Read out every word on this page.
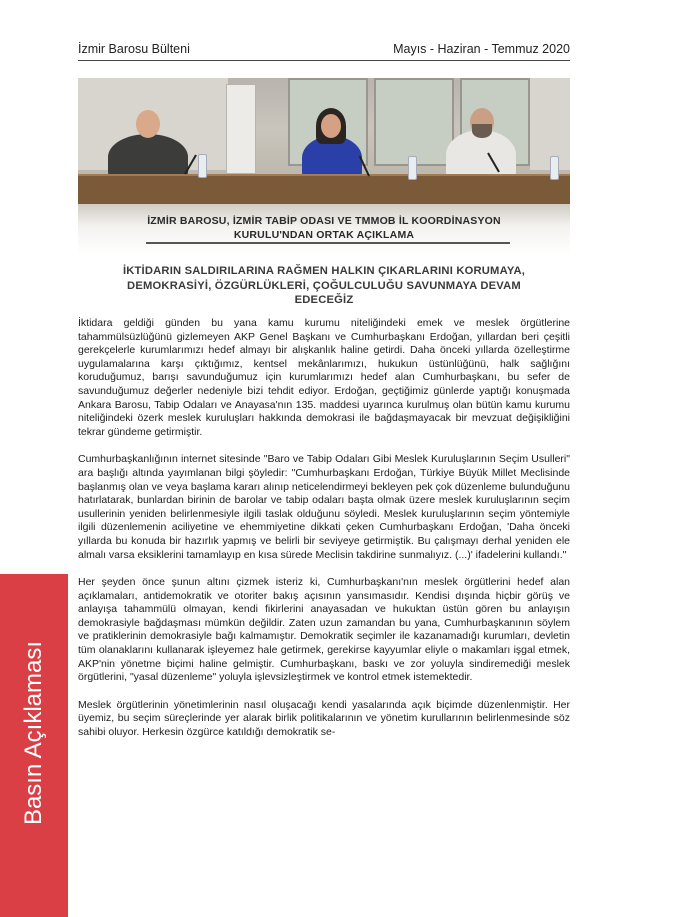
İzmir Barosu Bülteni	Mayıs - Haziran - Temmuz 2020
İZMİR BAROSU, İZMİR TABİP ODASI VE TMMOB İL KOORDİNASYON
KURULU'NDAN ORTAK AÇIKLAMA
İKTİDARIN SALDIRILARINA RAĞMEN HALKIN ÇIKARLARINI KORUMAYA,
DEMOKRASİYİ, ÖZGÜRLÜKLERİ, ÇOĞULCULUĞU SAVUNMAYA DEVAM
EDECEĞİZ

İktidara geldiği günden bu yana kamu kurumu niteliğindeki emek ve meslek örgütlerine tahammülsüzlüğünü gizlemeyen AKP Genel Başkanı ve Cumhurbaşkanı Erdoğan, yıllardan beri çeşitli gerekçelerle kurumlarımızı hedef almayı bir alışkanlık haline getirdi. Daha önceki yıllarda özelleştirme uygulamalarına karşı çıktığımız, kentsel mekânlarımızı, hukukun üstünlüğünü, halk sağlığını koruduğumuz, barışı savunduğumuz için kurumlarımızı hedef alan Cumhurbaşkanı, bu sefer de savunduğumuz değerler nedeniyle bizi tehdit ediyor. Erdoğan, geçtiğimiz günlerde yaptığı konuşmada Ankara Barosu, Tabip Odaları ve Anayasa'nın 135. maddesi uyarınca kurulmuş olan bütün kamu kurumu niteliğindeki özerk meslek kuruluşları hakkında demokrasi ile bağdaşmayacak bir mevzuat değişikliğini tekrar gündeme getirmiştir.

Cumhurbaşkanlığının internet sitesinde "Baro ve Tabip Odaları Gibi Meslek Kuruluşlarının Seçim Usulleri" ara başlığı altında yayımlanan bilgi şöyledir: "Cumhurbaşkanı Erdoğan, Türkiye Büyük Millet Meclisinde başlanmış olan ve veya başlama kararı alınıp neticelendirmeyi bekleyen pek çok düzenleme bulunduğunu hatırlatarak, bunlardan birinin de barolar ve tabip odaları başta olmak üzere meslek kuruluşlarının seçim usullerinin yeniden belirlenmesiyle ilgili taslak olduğunu söyledi. Meslek kuruluşlarının seçim yöntemiyle ilgili düzenlemenin aciliyetine ve ehemmiyetine dikkati çeken Cumhurbaşkanı Erdoğan, 'Daha önceki yıllarda bu konuda bir hazırlık yapmış ve belirli bir seviyeye getirmiştik. Bu çalışmayı derhal yeniden ele almalı varsa eksiklerini tamamlayıp en kısa sürede Meclisin takdirine sunmalıyız. (...)' ifadelerini kullandı."

Her şeyden önce şunun altını çizmek isteriz ki, Cumhurbaşkanı'nın meslek örgütlerini hedef alan açıklamaları, antidemokratik ve otoriter bakış açısının yansımasıdır. Kendisi dışında hiçbir görüş ve anlayışa tahammülü olmayan, kendi fikirlerini anayasadan ve hukuktan üstün gören bu anlayışın demokrasiyle bağdaşması mümkün değildir. Zaten uzun zamandan bu yana, Cumhurbaşkanının söylem ve pratiklerinin demokrasiyle bağı kalmamıştır. Demokratik seçimler ile kazanamadığı kurumları, devletin tüm olanaklarını kullanarak işleyemez hale getirmek, gerekirse kayyumlar eliyle o makamları işgal etmek, AKP'nin yönetme biçimi haline gelmiştir. Cumhurbaşkanı, baskı ve zor yoluyla sindiremediği meslek örgütlerini, "yasal düzenleme" yoluyla işlevsizleştirmek ve kontrol etmek istemektedir.

Meslek örgütlerinin yönetimlerinin nasıl oluşacağı kendi yasalarında açık biçimde düzenlenmiştir. Her üyemiz, bu seçim süreçlerinde yer alarak birlik politikalarının ve yönetim kurullarının belirlenmesinde söz sahibi oluyor. Herkesin özgürce katıldığı demokratik se-

Basın Açıklaması
